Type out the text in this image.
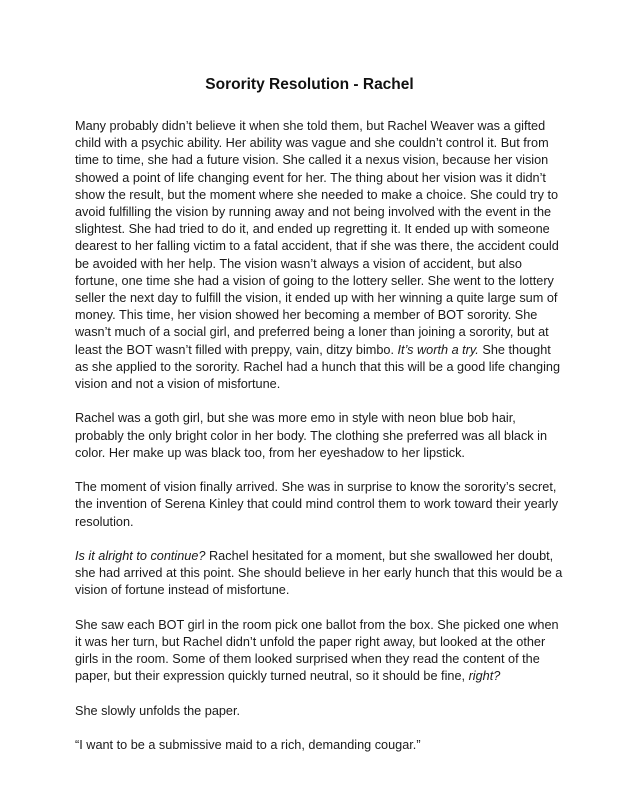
Sorority Resolution - Rachel

Many probably didn’t believe it when she told them, but Rachel Weaver was a gifted child with a psychic ability. Her ability was vague and she couldn’t control it. But from time to time, she had a future vision. She called it a nexus vision, because her vision showed a point of life changing event for her. The thing about her vision was it didn’t show the result, but the moment where she needed to make a choice. She could try to avoid fulfilling the vision by running away and not being involved with the event in the slightest. She had tried to do it, and ended up regretting it. It ended up with someone dearest to her falling victim to a fatal accident, that if she was there, the accident could be avoided with her help. The vision wasn’t always a vision of accident, but also fortune, one time she had a vision of going to the lottery seller. She went to the lottery seller the next day to fulfill the vision, it ended up with her winning a quite large sum of money. This time, her vision showed her becoming a member of BOT sorority. She wasn’t much of a social girl, and preferred being a loner than joining a sorority, but at least the BOT wasn’t filled with preppy, vain, ditzy bimbo. It’s worth a try. She thought as she applied to the sorority. Rachel had a hunch that this will be a good life changing vision and not a vision of misfortune.

Rachel was a goth girl, but she was more emo in style with neon blue bob hair, probably the only bright color in her body. The clothing she preferred was all black in color. Her make up was black too, from her eyeshadow to her lipstick.

The moment of vision finally arrived. She was in surprise to know the sorority’s secret, the invention of Serena Kinley that could mind control them to work toward their yearly resolution.

Is it alright to continue? Rachel hesitated for a moment, but she swallowed her doubt, she had arrived at this point. She should believe in her early hunch that this would be a vision of fortune instead of misfortune.

She saw each BOT girl in the room pick one ballot from the box. She picked one when it was her turn, but Rachel didn’t unfold the paper right away, but looked at the other girls in the room. Some of them looked surprised when they read the content of the paper, but their expression quickly turned neutral, so it should be fine, right?

She slowly unfolds the paper.

“I want to be a submissive maid to a rich, demanding cougar.”
